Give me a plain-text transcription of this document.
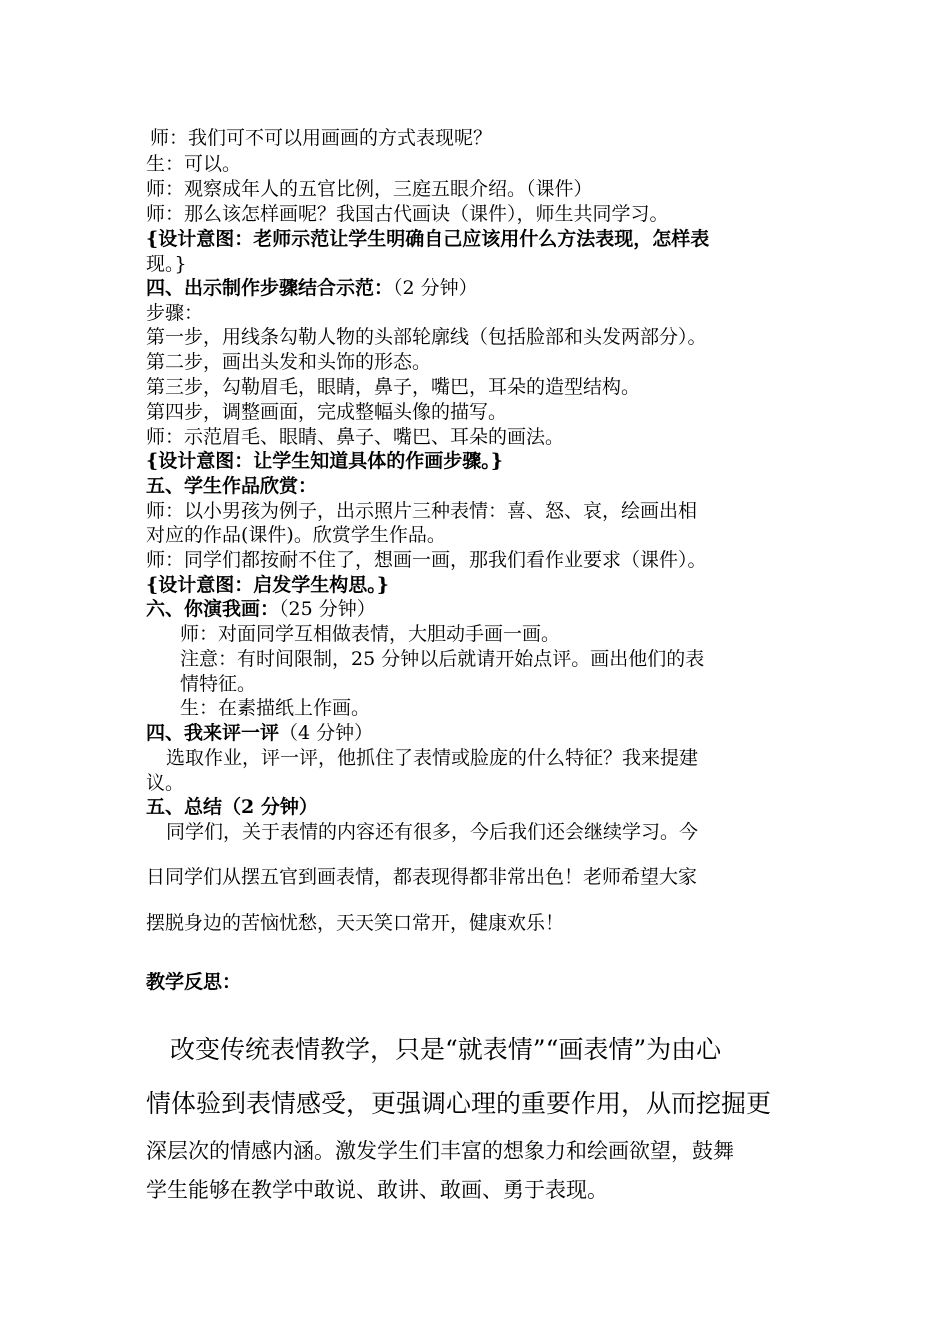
师：我们可不可以用画画的方式表现呢？
生：可以。
师：观察成年人的五官比例，三庭五眼介绍。（课件）
师：那么该怎样画呢？我国古代画诀（课件），师生共同学习。
{设计意图：老师示范让学生明确自己应该用什么方法表现，怎样表
现。}
四、出示制作步骤结合示范：（2 分钟）
步骤：
第一步，用线条勾勒人物的头部轮廓线（包括脸部和头发两部分）。
第二步，画出头发和头饰的形态。
第三步，勾勒眉毛，眼睛，鼻子，嘴巴，耳朵的造型结构。
第四步，调整画面，完成整幅头像的描写。
师：示范眉毛、眼睛、鼻子、嘴巴、耳朵的画法。
{设计意图：让学生知道具体的作画步骤。}
五、学生作品欣赏：
师：以小男孩为例子，出示照片三种表情：喜、怒、哀，绘画出相
对应的作品(课件)。欣赏学生作品。
师：同学们都按耐不住了，想画一画，那我们看作业要求（课件）。
{设计意图：启发学生构思。}
六、你演我画：（25 分钟）
师：对面同学互相做表情，大胆动手画一画。
注意：有时间限制，25 分钟以后就请开始点评。画出他们的表
情特征。
生：在素描纸上作画。
四、我来评一评（4 分钟）
选取作业，评一评，他抓住了表情或脸庞的什么特征？我来提建
议。
五、总结（2 分钟）
同学们，关于表情的内容还有很多，今后我们还会继续学习。今
日同学们从摆五官到画表情，都表现得都非常出色！老师希望大家
摆脱身边的苦恼忧愁，天天笑口常开，健康欢乐！
教学反思：
改变传统表情教学，只是“就表情”“画表情”为由心
情体验到表情感受，更强调心理的重要作用，从而挖掘更
深层次的情感内涵。激发学生们丰富的想象力和绘画欲望，鼓舞
学生能够在教学中敢说、敢讲、敢画、勇于表现。
